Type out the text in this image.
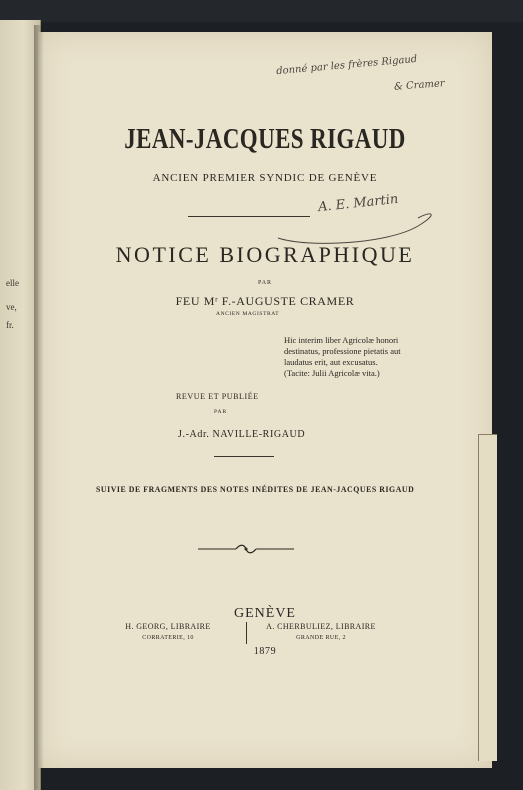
elle
ve,
fr.
donné par les frères Rigaud
& Cramer
JEAN-JACQUES RIGAUD
ANCIEN PREMIER SYNDIC DE GENÈVE
A. E. Martin
NOTICE BIOGRAPHIQUE
PAR
FEU Mʳ F.-AUGUSTE CRAMER
ANCIEN MAGISTRAT
Hic interim liber Agricolæ honori
destinatus, professione pietatis aut
laudatus erit, aut excusatus.
(Tacite: Julii Agricolæ vita.)
REVUE ET PUBLIÉE
PAR
J.-Adr. NAVILLE-RIGAUD
SUIVIE DE FRAGMENTS DES NOTES INÉDITES DE JEAN-JACQUES RIGAUD
GENÈVE
H. GEORG, LIBRAIRE
CORRATERIE, 10
A. CHERBULIEZ, LIBRAIRE
GRANDE RUE, 2
1879
